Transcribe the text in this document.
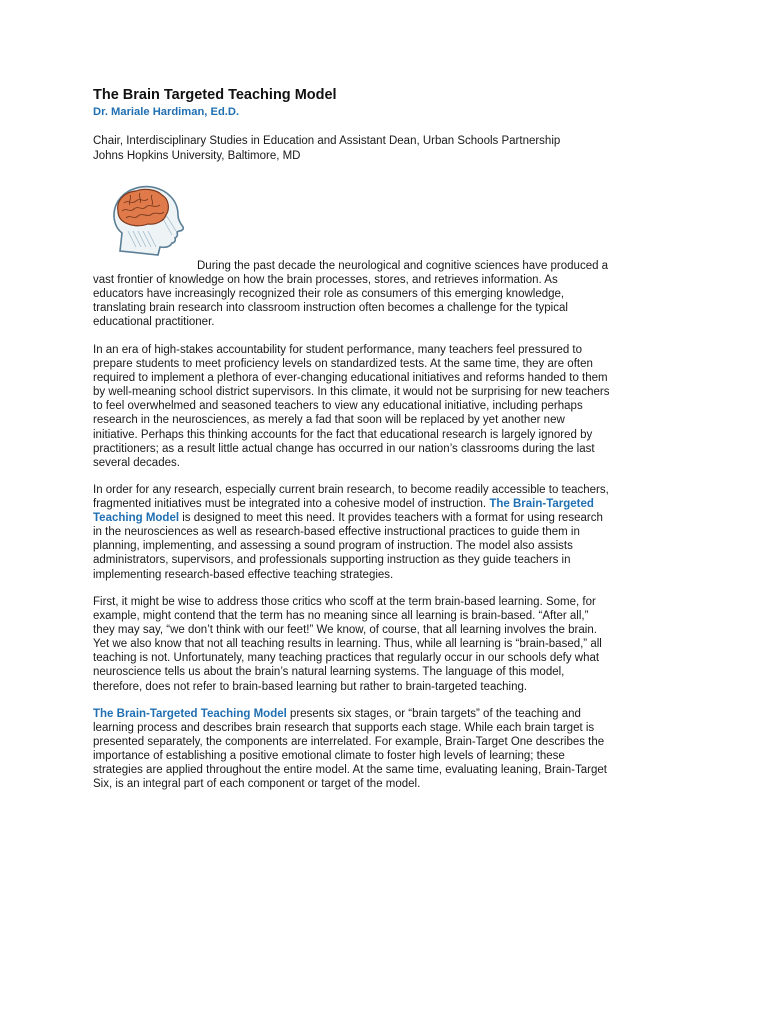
The Brain Targeted Teaching Model
Dr. Mariale Hardiman, Ed.D.
Chair, Interdisciplinary Studies in Education and Assistant Dean, Urban Schools Partnership
Johns Hopkins University, Baltimore, MD
During the past decade the neurological and cognitive sciences have produced a
vast frontier of knowledge on how the brain processes, stores, and retrieves information. As
educators have increasingly recognized their role as consumers of this emerging knowledge,
translating brain research into classroom instruction often becomes a challenge for the typical
educational practitioner.
In an era of high-stakes accountability for student performance, many teachers feel pressured to
prepare students to meet proficiency levels on standardized tests. At the same time, they are often
required to implement a plethora of ever-changing educational initiatives and reforms handed to them
by well-meaning school district supervisors. In this climate, it would not be surprising for new teachers
to feel overwhelmed and seasoned teachers to view any educational initiative, including perhaps
research in the neurosciences, as merely a fad that soon will be replaced by yet another new
initiative. Perhaps this thinking accounts for the fact that educational research is largely ignored by
practitioners; as a result little actual change has occurred in our nation’s classrooms during the last
several decades.
In order for any research, especially current brain research, to become readily accessible to teachers,
fragmented initiatives must be integrated into a cohesive model of instruction. The Brain-Targeted
Teaching Model is designed to meet this need. It provides teachers with a format for using research
in the neurosciences as well as research-based effective instructional practices to guide them in
planning, implementing, and assessing a sound program of instruction. The model also assists
administrators, supervisors, and professionals supporting instruction as they guide teachers in
implementing research-based effective teaching strategies.
First, it might be wise to address those critics who scoff at the term brain-based learning. Some, for
example, might contend that the term has no meaning since all learning is brain-based. “After all,”
they may say, “we don’t think with our feet!” We know, of course, that all learning involves the brain.
Yet we also know that not all teaching results in learning. Thus, while all learning is “brain-based,” all
teaching is not. Unfortunately, many teaching practices that regularly occur in our schools defy what
neuroscience tells us about the brain’s natural learning systems. The language of this model,
therefore, does not refer to brain-based learning but rather to brain-targeted teaching.
The Brain-Targeted Teaching Model presents six stages, or “brain targets” of the teaching and
learning process and describes brain research that supports each stage. While each brain target is
presented separately, the components are interrelated. For example, Brain-Target One describes the
importance of establishing a positive emotional climate to foster high levels of learning; these
strategies are applied throughout the entire model. At the same time, evaluating leaning, Brain-Target
Six, is an integral part of each component or target of the model.
